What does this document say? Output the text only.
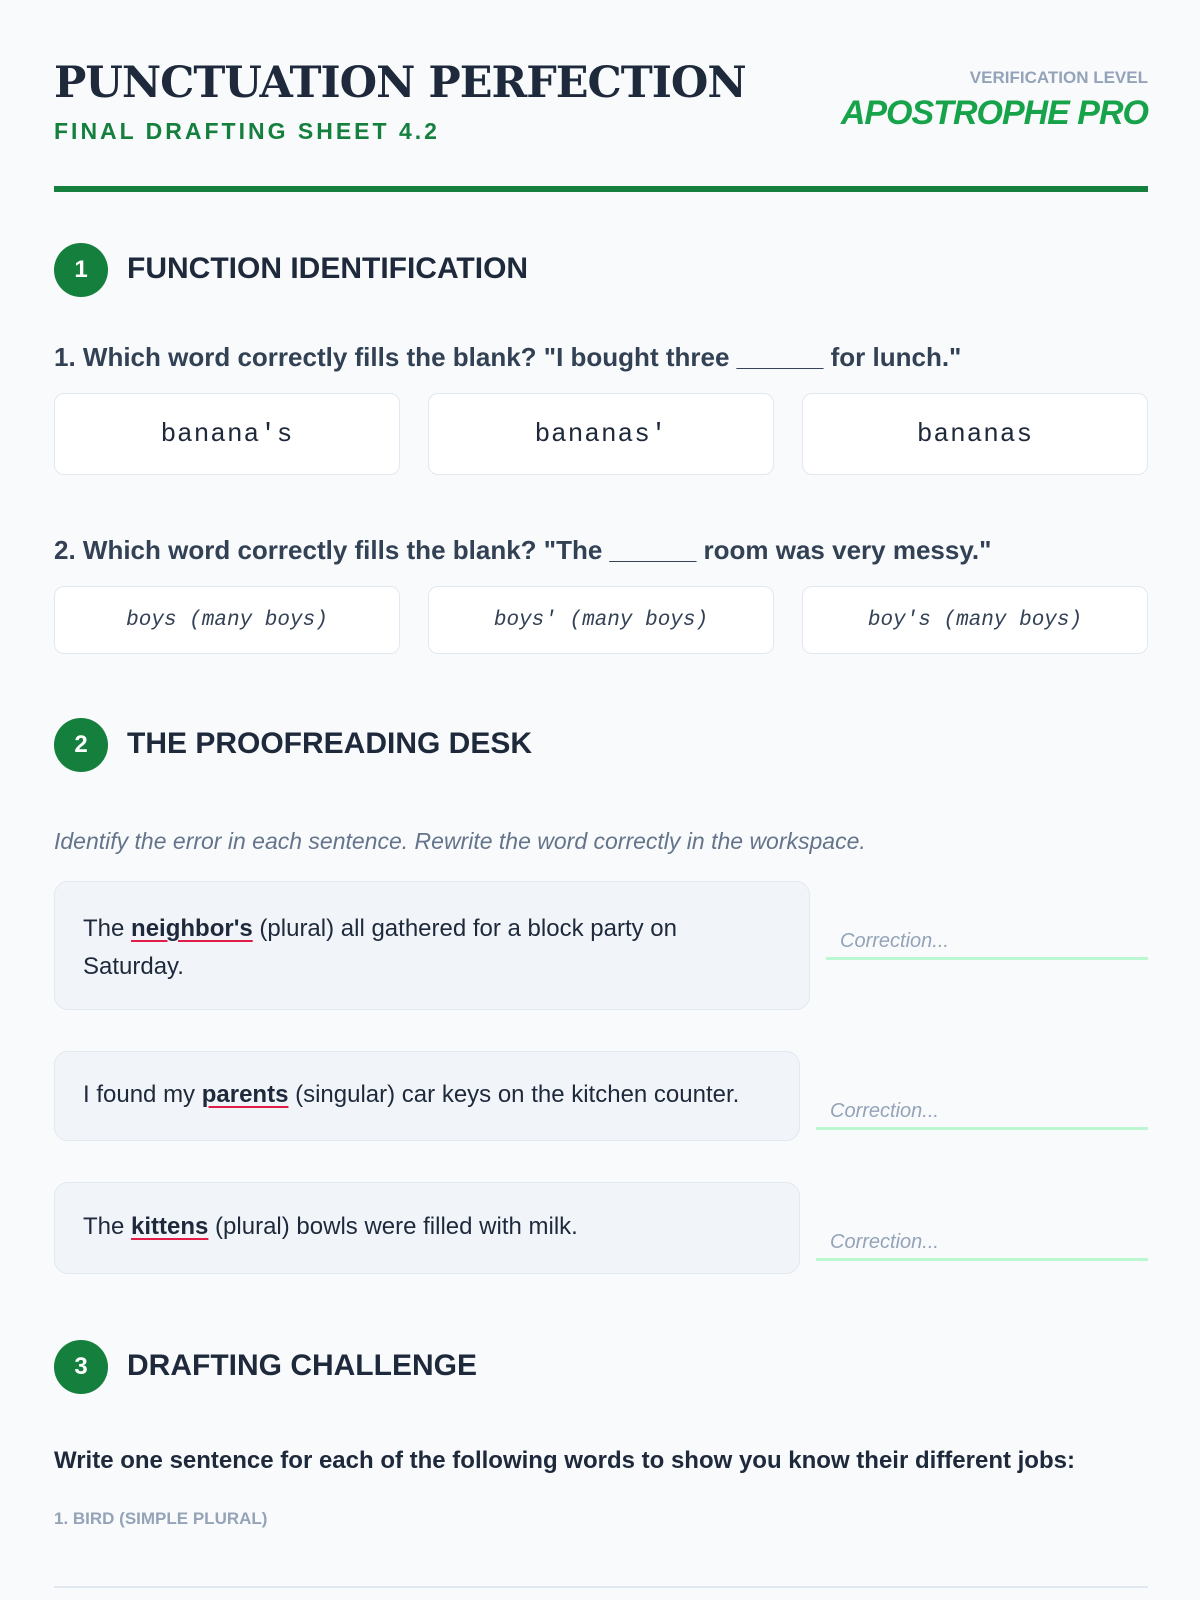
PUNCTUATION PERFECTION
FINAL DRAFTING SHEET 4.2
VERIFICATION LEVEL
APOSTROPHE PRO
1	FUNCTION IDENTIFICATION
1. Which word correctly fills the blank? "I bought three ______ for lunch."
banana's	bananas'	bananas
2. Which word correctly fills the blank? "The ______ room was very messy."
boys (many boys)	boys' (many boys)	boy's (many boys)
2	THE PROOFREADING DESK
Identify the error in each sentence. Rewrite the word correctly in the workspace.
The neighbor's (plural) all gathered for a block party on Saturday.
Correction...
I found my parents (singular) car keys on the kitchen counter.
Correction...
The kittens (plural) bowls were filled with milk.
Correction...
3	DRAFTING CHALLENGE
Write one sentence for each of the following words to show you know their different jobs:
1. BIRD (SIMPLE PLURAL)
